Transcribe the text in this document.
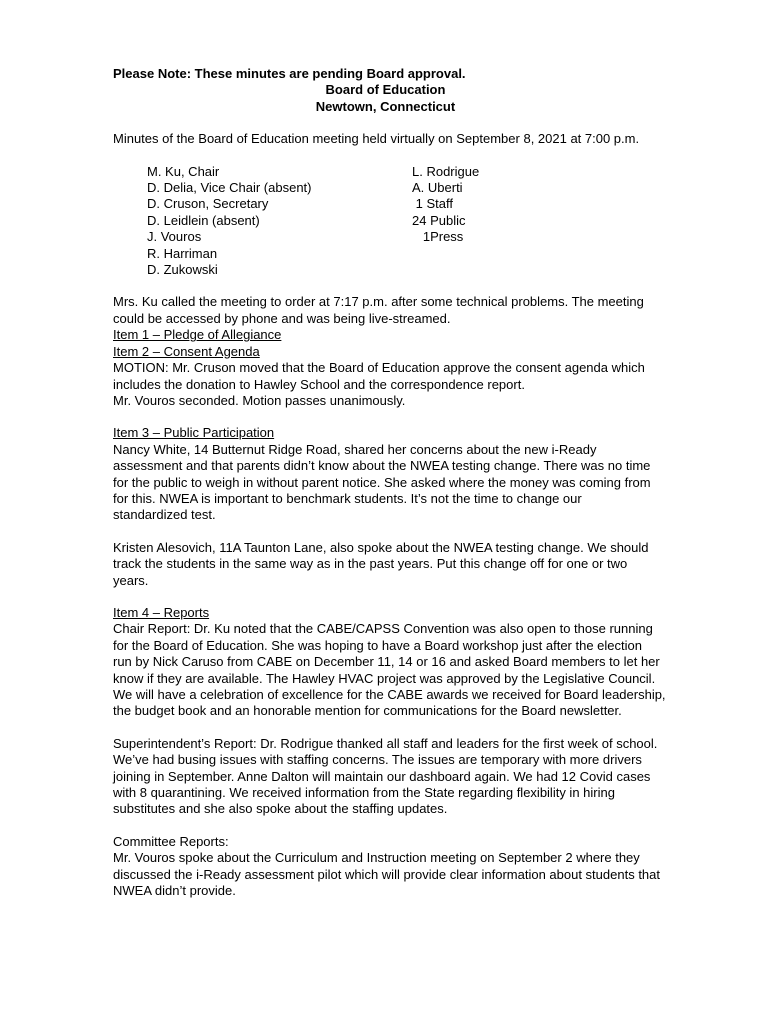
Please Note: These minutes are pending Board approval.

Board of Education

Newtown, Connecticut

Minutes of the Board of Education meeting held virtually on September 8, 2021 at 7:00 p.m.

M. Ku, Chair

D. Delia, Vice Chair (absent)

D. Cruson, Secretary

D. Leidlein (absent)

J. Vouros

R. Harriman

D. Zukowski

L. Rodrigue

A. Uberti

1 Staff

24 Public

1Press

Mrs. Ku called the meeting to order at 7:17 p.m. after some technical problems. The meeting

could be accessed by phone and was being live-streamed.

Item 1 – Pledge of Allegiance

Item 2 – Consent Agenda

MOTION: Mr. Cruson moved that the Board of Education approve the consent agenda which

includes the donation to Hawley School and the correspondence report.

Mr. Vouros seconded. Motion passes unanimously.

Item 3 – Public Participation

Nancy White, 14 Butternut Ridge Road, shared her concerns about the new i-Ready

assessment and that parents didn’t know about the NWEA testing change. There was no time

for the public to weigh in without parent notice. She asked where the money was coming from

for this. NWEA is important to benchmark students. It’s not the time to change our

standardized test.

Kristen Alesovich, 11A Taunton Lane, also spoke about the NWEA testing change. We should

track the students in the same way as in the past years. Put this change off for one or two

years.

Item 4 – Reports

Chair Report: Dr. Ku noted that the CABE/CAPSS Convention was also open to those running

for the Board of Education. She was hoping to have a Board workshop just after the election

run by Nick Caruso from CABE on December 11, 14 or 16 and asked Board members to let her

know if they are available. The Hawley HVAC project was approved by the Legislative Council.

We will have a celebration of excellence for the CABE awards we received for Board leadership,

the budget book and an honorable mention for communications for the Board newsletter.

Superintendent’s Report: Dr. Rodrigue thanked all staff and leaders for the first week of school.

We’ve had busing issues with staffing concerns. The issues are temporary with more drivers

joining in September. Anne Dalton will maintain our dashboard again. We had 12 Covid cases

with 8 quarantining. We received information from the State regarding flexibility in hiring

substitutes and she also spoke about the staffing updates.

Committee Reports:

Mr. Vouros spoke about the Curriculum and Instruction meeting on September 2 where they

discussed the i-Ready assessment pilot which will provide clear information about students that

NWEA didn’t provide.
